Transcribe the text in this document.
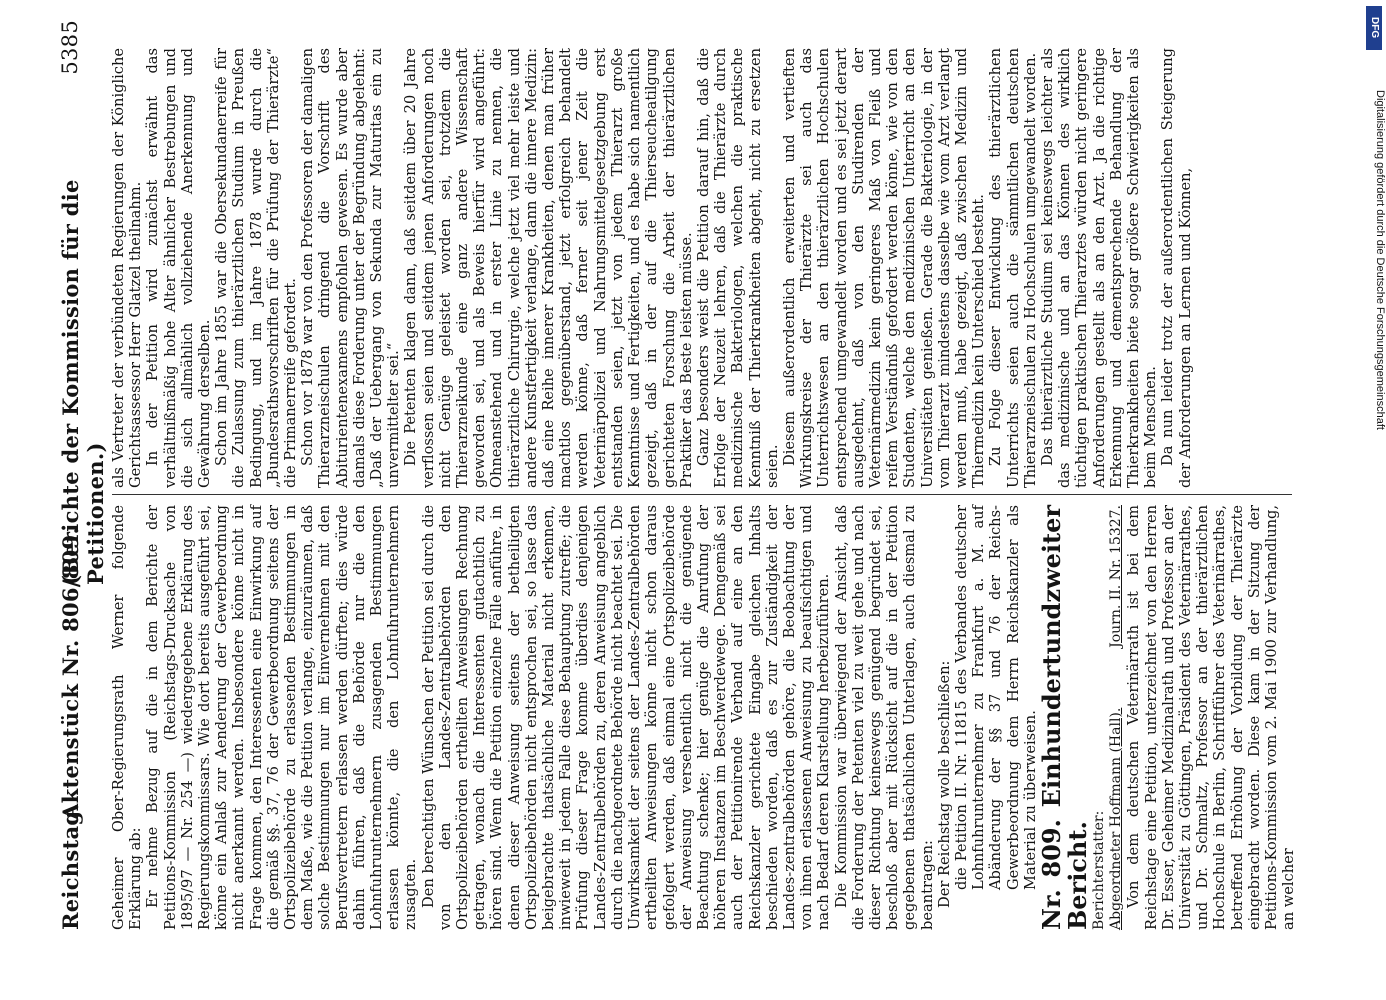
Reichstag.
Aktenstück Nr. 806/809.
(Berichte der Kommission für die Petitionen.)
5385

Geheimer Ober-Regierungsrath Werner folgende Erklärung ab: Er nehme Bezug auf die in dem Berichte der Petitions-Kommission (Reichstags-Drucksache von 1895/97 — Nr. 254 —) wiedergegebene Erklärung des Regierungskommissars. Wie dort bereits ausgeführt sei, könne ein Anlaß zur Aenderung der Gewerbeordnung nicht anerkannt werden. Insbesondere könne nicht in Frage kommen, den Interessenten eine Einwirkung auf die gemäß §§. 37, 76 der Gewerbeordnung seitens der Ortspolizeibehörde zu erlassenden Bestimmungen in dem Maße, wie die Petition verlange, einzuräumen, daß solche Bestimmungen nur im Einvernehmen mit den Berufsvertretern erlassen werden dürften; dies würde dahin führen, daß die Behörde nur die den Lohnfuhrunternehmern zusagenden Bestimmungen erlassen könnte, die den Lohnfuhrunternehmern zusagten. Den berechtigten Wünschen der Petition sei durch die von den Landes-Zentralbehörden den Ortspolizeibehörden ertheilten Anweisungen Rechnung getragen, wonach die Interessenten gutachtlich zu hören sind. Wenn die Petition einzelne Fälle anführe, in denen dieser Anweisung seitens der betheiligten Ortspolizeibehörden nicht entsprochen sei, so lasse das beigebrachte thatsächliche Material nicht erkennen, inwieweit in jedem Falle diese Behauptung zutreffe; die Prüfung dieser Frage komme überdies denjenigen Landes-Zentralbehörden zu, deren Anweisung angeblich durch die nachgeordnete Behörde nicht beachtet sei. Die Unwirksamkeit der seitens der Landes-Zentralbehörden ertheilten Anweisungen könne nicht schon daraus gefolgert werden, daß einmal eine Ortspolizeibehörde der Anweisung versehentlich nicht die genügende Beachtung schenke; hier genüge die Anrufung der höheren Instanzen im Beschwerdewege. Demgemäß sei auch der Petitionirende Verband auf eine an den Reichskanzler gerichtete Eingabe gleichen Inhalts beschieden worden, daß es zur Zuständigkeit der Landes-zentralbehörden gehöre, die Beobachtung der von ihnen erlassenen Anweisung zu beaufsichtigen und nach Bedarf deren Klarstellung herbeizuführen. Die Kommission war überwiegend der Ansicht, daß die Forderung der Petenten viel zu weit gehe und nach dieser Richtung keineswegs genügend begründet sei, beschloß aber mit Rücksicht auf die in der Petition gegebenen thatsächlichen Unterlagen, auch diesmal zu beantragen: Der Reichstag wolle beschließen: die Petition II. Nr. 11815 des Verbandes deutscher Lohnfuhrunternehmer zu Frankfurt a. M. auf Abänderung der §§ 37 und 76 der Reichs-Gewerbeordnung dem Herrn Reichskanzler als Material zu überweisen.

Nr. 809. Einhundertundzweiter Bericht. Berichterstatter: Abgeordneter Hoffmann (Hall).
Journ. II. Nr. 15327. Von dem deutschen Veterinärrath ist bei dem Reichstage eine Petition, unterzeichnet von den Herren Dr. Esser, Geheimer Medizinalrath und Professor an der Universität zu Göttingen, Präsident des Veterinärrathes, und Dr. Schmaltz, Professor an der thierärztlichen Hochschule in Berlin, Schriftführer des Veterinärrathes, betreffend Erhöhung der Vorbildung der Thierärzte eingebracht worden. Diese kam in der Sitzung der Petitions-Kommission vom 2. Mai 1900 zur Verhandlung, an welcher

als Vertreter der verbündeten Regierungen der Königliche Gerichtsassessor Herr Glatzel theilnahm. In der Petition wird zunächst erwähnt das verhältnißmäßig hohe Alter ähnlicher Bestrebungen und die sich allmählich vollziehende Anerkennung und Gewährung derselben. Schon im Jahre 1855 war die Obersekundanerreife für die Zulassung zum thierärztlichen Studium in Preußen Bedingung, und im Jahre 1878 wurde durch die „Bundesrathsvorschriften für die Prüfung der Thierärzte“ die Primanerreife gefordert. Schon vor 1878 war von den Professoren der damaligen Thierarzneischulen dringend die Vorschrift des Abiturientenexamens empfohlen gewesen. Es wurde aber damals diese Forderung unter der Begründung abgelehnt: „Daß der Uebergang von Sekunda zur Maturitas ein zu unvermittelter sei.“ Die Petenten klagen dann, daß seitdem über 20 Jahre verflossen seien und seitdem jenen Anforderungen noch nicht Genüge geleistet worden sei, trotzdem die Thierarzneikunde eine ganz andere Wissenschaft geworden sei, und als Beweis hierfür wird angeführt: Ohneanstehend und in erster Linie zu nennen, die thierärztliche Chirurgie, welche jetzt viel mehr leiste und andere Kunstfertigkeit verlange, dann die innere Medizin: daß eine Reihe innerer Krankheiten, denen man früher machtlos gegenüberstand, jetzt erfolgreich behandelt werden könne, daß ferner seit jener Zeit die Veterinärpolizei und Nahrungsmittelgesetzgebung erst entstanden seien, jetzt von jedem Thierarzt große Kenntnisse und Fertigkeiten, und es habe sich namentlich gezeigt, daß in der auf die Thierseucheatilgung gerichteten Forschung die Arbeit der thierärztlichen Praktiker das Beste leisten müsse. Ganz besonders weist die Petition darauf hin, daß die Erfolge der Neuzeit lehren, daß die Thierärzte durch medizinische Bakteriologen, welchen die praktische Kenntniß der Thierkrankheiten abgeht, nicht zu ersetzen seien.

Diesem außerordentlich erweiterten und vertieften Wirkungskreise der Thierärzte sei auch das Unterrichtswesen an den thierärztlichen Hochschulen entsprechend umgewandelt worden und es sei jetzt derart ausgedehnt, daß von den Studirenden der Veterinärmedizin kein geringeres Maß von Fleiß und reifem Verständniß gefordert werden könne, wie von den Studenten, welche den medizinischen Unterricht an den Universitäten genießen. Gerade die Bakteriologie, in der vom Thierarzt mindestens dasselbe wie vom Arzt verlangt werden muß, habe gezeigt, daß zwischen Medizin und Thiermedizin kein Unterschied besteht. Zu Folge dieser Entwicklung des thierärztlichen Unterrichts seien auch die sämmtlichen deutschen Thierarzneischulen zu Hochschulen umgewandelt worden. Das thierärztliche Studium sei keineswegs leichter als das medizinische und an das Können des wirklich tüchtigen praktischen Thierarztes würden nicht geringere Anforderungen gestellt als an den Arzt. Ja die richtige Erkennung und dementsprechende Behandlung der Thierkrankheiten biete sogar größere Schwierigkeiten als beim Menschen. Da nun leider trotz der außerordentlichen Steigerung der Anforderungen an Lernen und Können,

DFG
Digitalisierung gefördert durch die Deutsche Forschungsgemeinschaft
